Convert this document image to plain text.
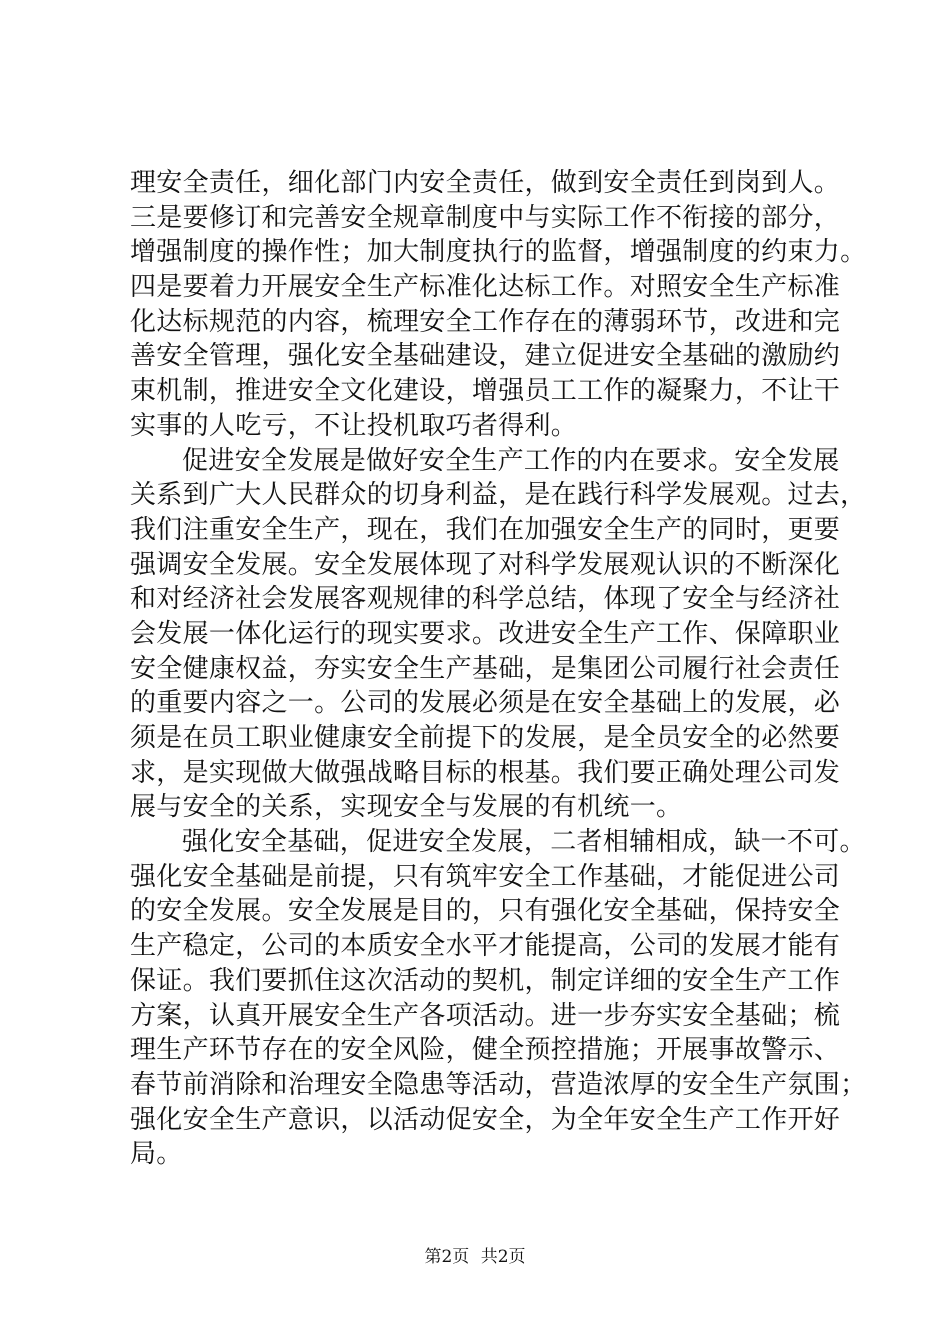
理安全责任，细化部门内安全责任，做到安全责任到岗到人。
三是要修订和完善安全规章制度中与实际工作不衔接的部分，
增强制度的操作性；加大制度执行的监督，增强制度的约束力。
四是要着力开展安全生产标准化达标工作。对照安全生产标准
化达标规范的内容，梳理安全工作存在的薄弱环节，改进和完
善安全管理，强化安全基础建设，建立促进安全基础的激励约
束机制，推进安全文化建设，增强员工工作的凝聚力，不让干
实事的人吃亏，不让投机取巧者得利。
促进安全发展是做好安全生产工作的内在要求。安全发展
关系到广大人民群众的切身利益，是在践行科学发展观。过去，
我们注重安全生产，现在，我们在加强安全生产的同时，更要
强调安全发展。安全发展体现了对科学发展观认识的不断深化
和对经济社会发展客观规律的科学总结，体现了安全与经济社
会发展一体化运行的现实要求。改进安全生产工作、保障职业
安全健康权益，夯实安全生产基础，是集团公司履行社会责任
的重要内容之一。公司的发展必须是在安全基础上的发展，必
须是在员工职业健康安全前提下的发展，是全员安全的必然要
求，是实现做大做强战略目标的根基。我们要正确处理公司发
展与安全的关系，实现安全与发展的有机统一。
强化安全基础，促进安全发展，二者相辅相成，缺一不可。
强化安全基础是前提，只有筑牢安全工作基础，才能促进公司
的安全发展。安全发展是目的，只有强化安全基础，保持安全
生产稳定，公司的本质安全水平才能提高，公司的发展才能有
保证。我们要抓住这次活动的契机，制定详细的安全生产工作
方案，认真开展安全生产各项活动。进一步夯实安全基础；梳
理生产环节存在的安全风险，健全预控措施；开展事故警示、
春节前消除和治理安全隐患等活动，营造浓厚的安全生产氛围；
强化安全生产意识，以活动促安全，为全年安全生产工作开好
局。
第2页 共2页
